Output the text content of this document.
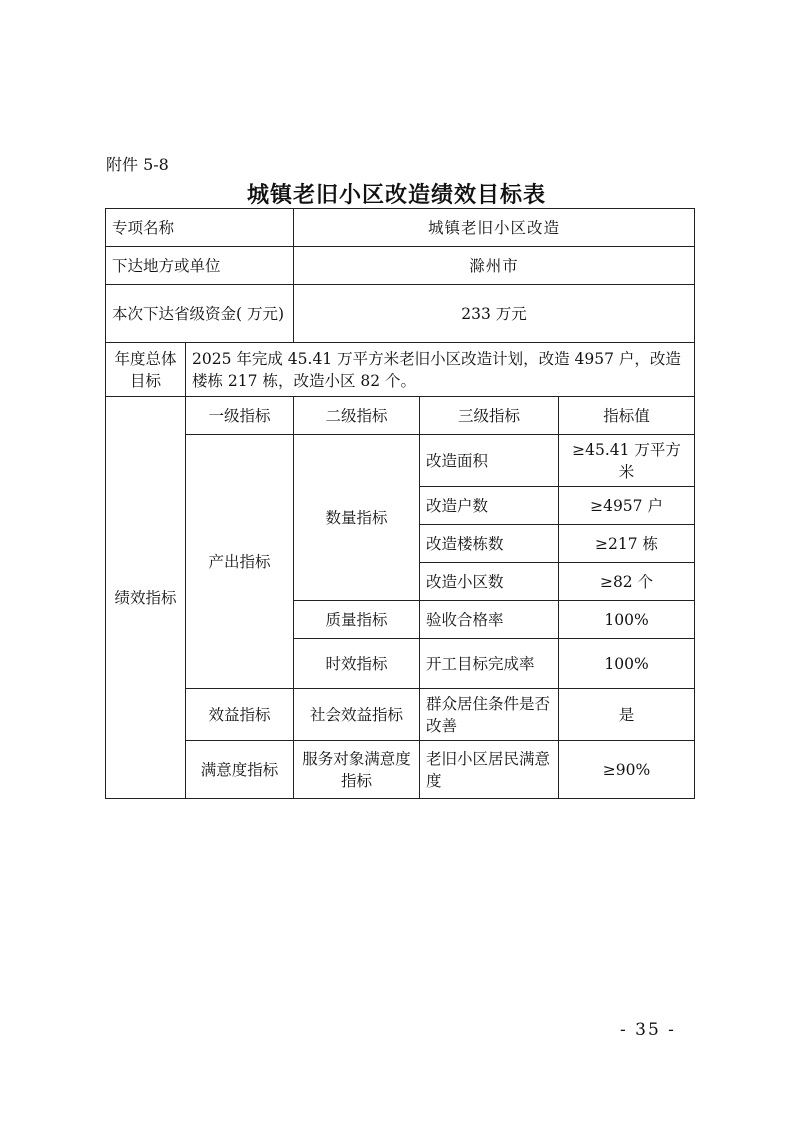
附件 5-8
城镇老旧小区改造绩效目标表
专项名称		城镇老旧小区改造		
下达地方或单位		滁州市		
本次下达省级资金( 万元)		233 万元		
年度总体目标	2025 年完成 45.41 万平方米老旧小区改造计划，改造 4957 户，改造楼栋 217 栋，改造小区 82 个。			
绩效指标	一级指标	二级指标	三级指标	指标值
	产出指标	数量指标	改造面积	≥45.41 万平方米
			改造户数	≥4957 户
			改造楼栋数	≥217 栋
			改造小区数	≥82 个
		质量指标	验收合格率	100%
		时效指标	开工目标完成率	100%
	效益指标	社会效益指标	群众居住条件是否改善	是
	满意度指标	服务对象满意度指标	老旧小区居民满意度	≥90%
- 35 -
